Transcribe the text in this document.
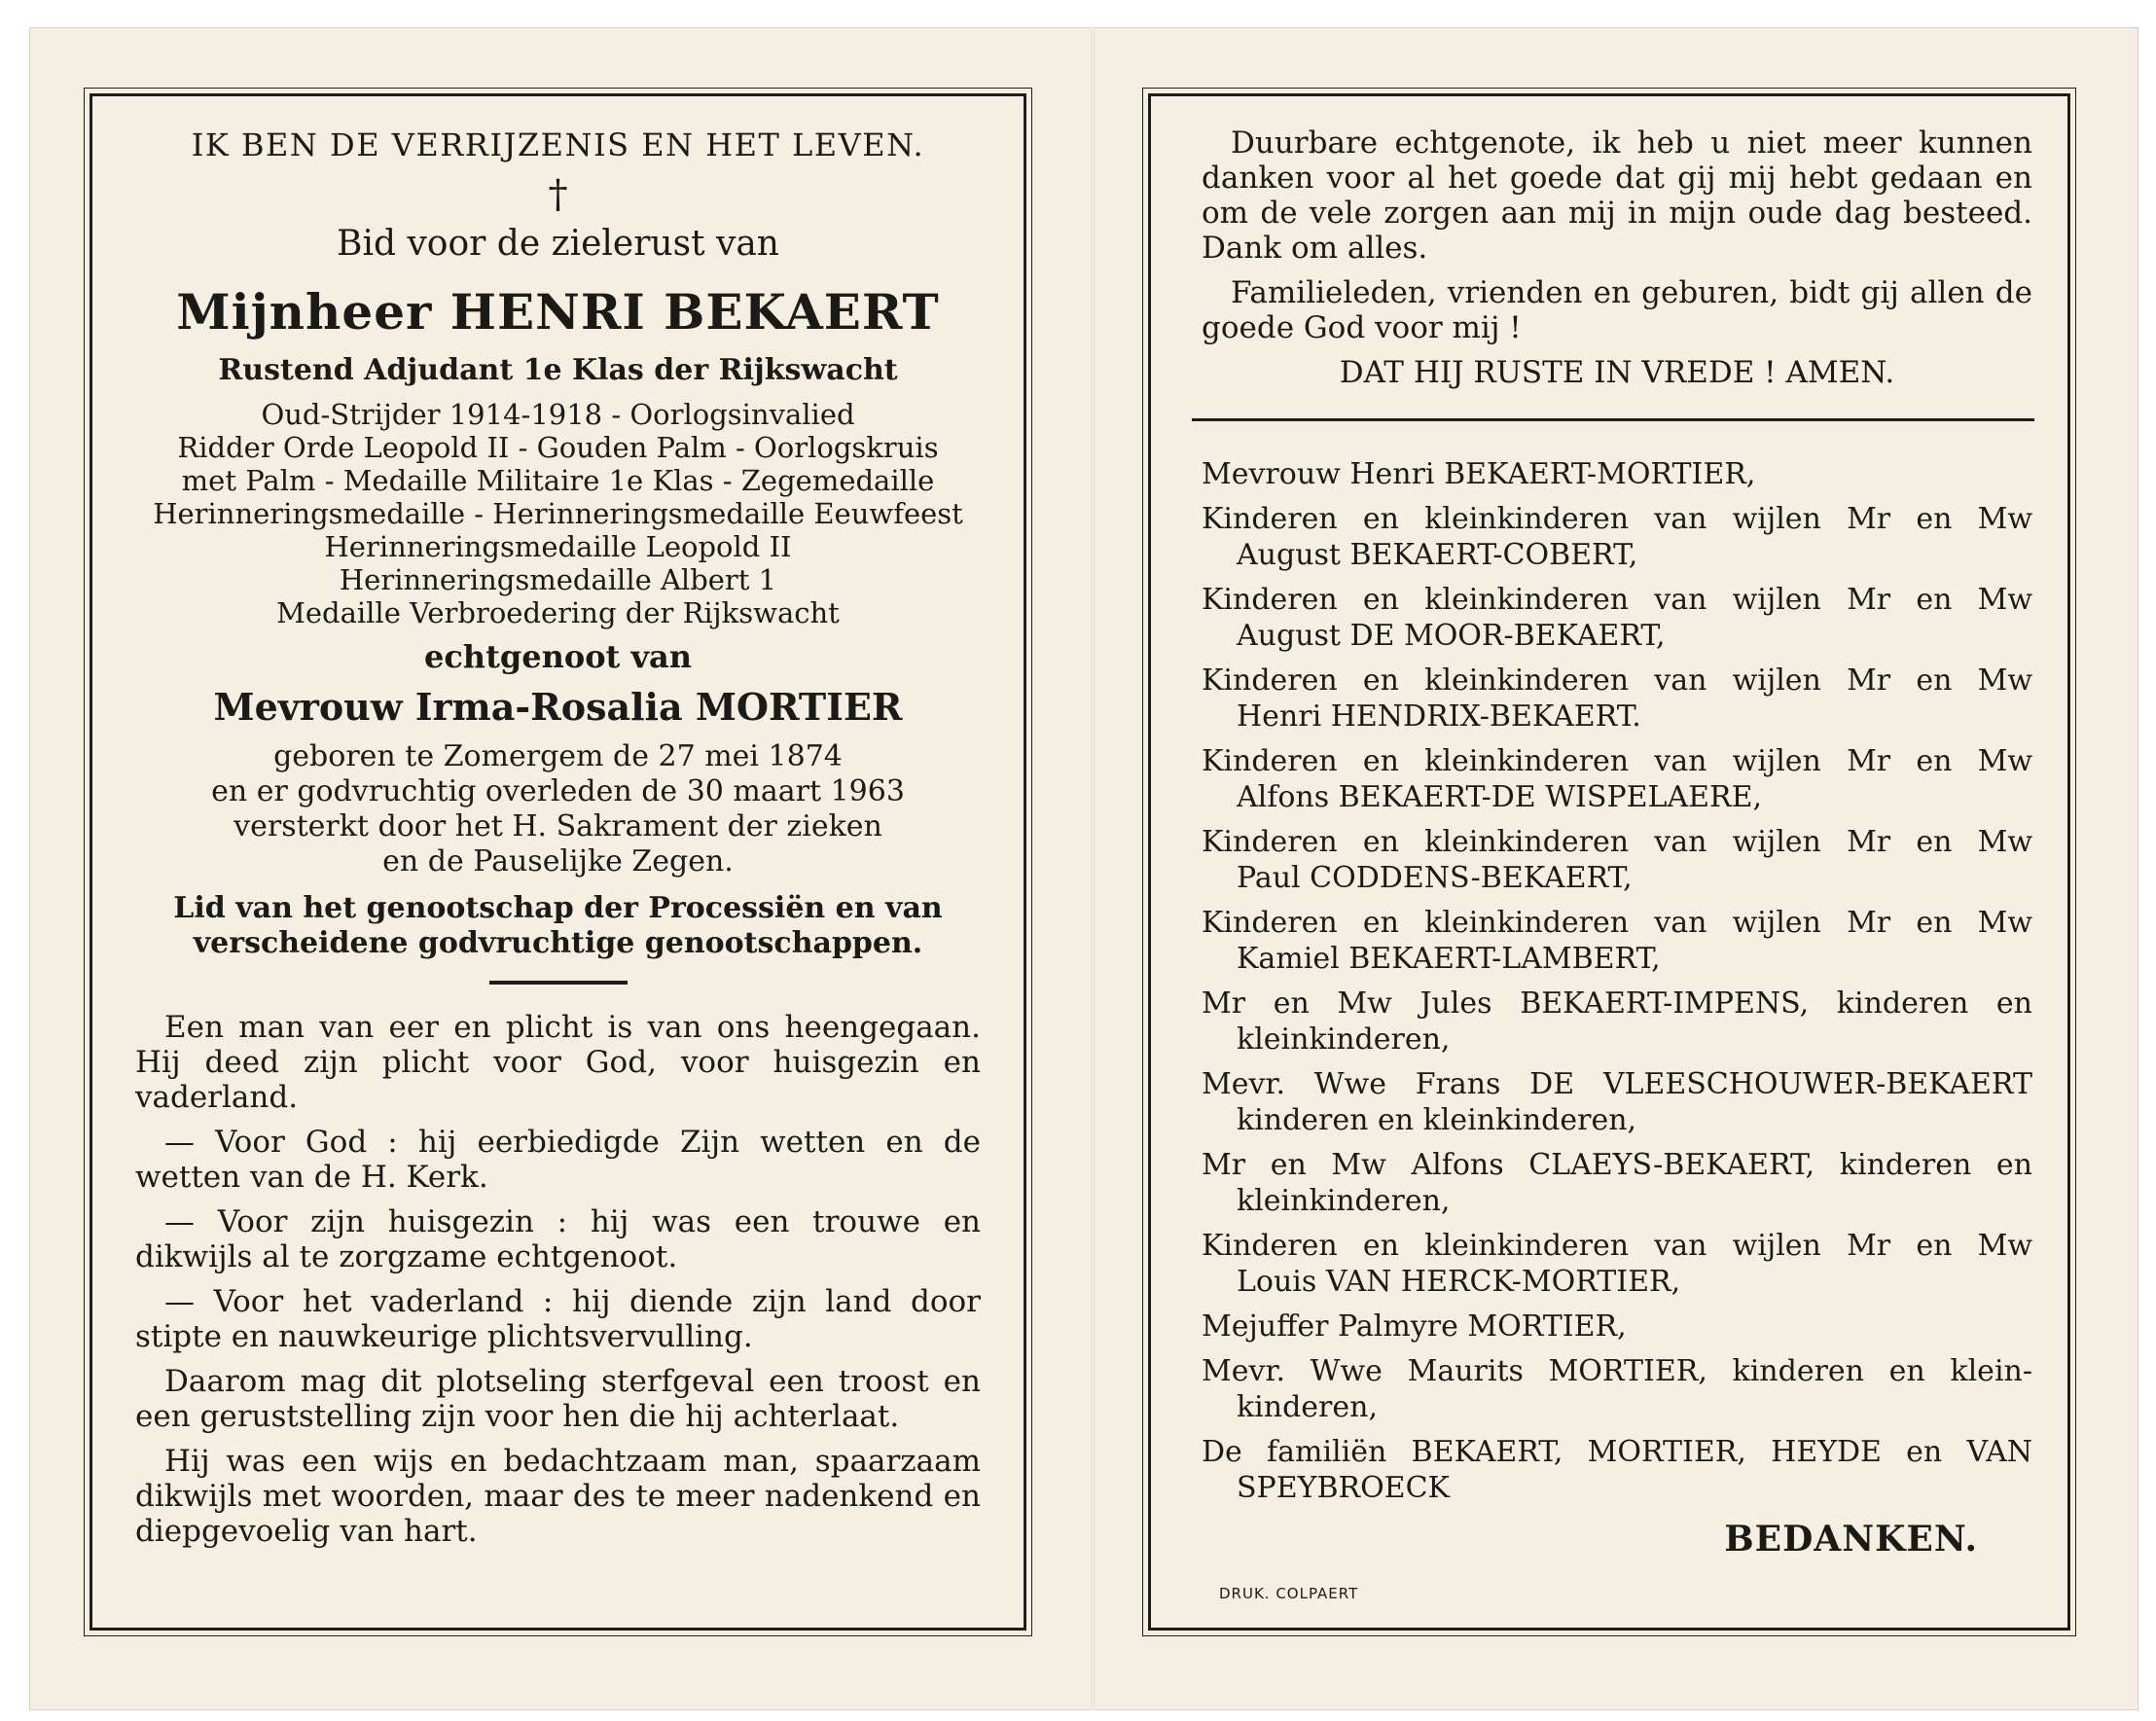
IK BEN DE VERRIJZENIS EN HET LEVEN.
†
Bid voor de zielerust van
Mijnheer HENRI BEKAERT
Rustend Adjudant 1e Klas der Rijkswacht
Oud-Strijder 1914-1918 - Oorlogsinvalied
Ridder Orde Leopold II - Gouden Palm - Oorlogskruis
met Palm - Medaille Militaire 1e Klas - Zegemedaille
Herinneringsmedaille - Herinneringsmedaille Eeuwfeest
Herinneringsmedaille Leopold II
Herinneringsmedaille Albert 1
Medaille Verbroedering der Rijkswacht
echtgenoot van
Mevrouw Irma-Rosalia MORTIER
geboren te Zomergem de 27 mei 1874
en er godvruchtig overleden de 30 maart 1963
versterkt door het H. Sakrament der zieken
en de Pauselijke Zegen.
Lid van het genootschap der Processiën en van
verscheidene godvruchtige genootschappen.
Een man van eer en plicht is van ons heengegaan. Hij deed zijn plicht voor God, voor huisgezin en vaderland.
— Voor God : hij eerbiedigde Zijn wetten en de wetten van de H. Kerk.
— Voor zijn huisgezin : hij was een trouwe en dikwijls al te zorgzame echtgenoot.
— Voor het vaderland : hij diende zijn land door stipte en nauwkeurige plichtsvervulling.
Daarom mag dit plotseling sterfgeval een troost en een geruststelling zijn voor hen die hij achterlaat.
Hij was een wijs en bedachtzaam man, spaarzaam dikwijls met woorden, maar des te meer nadenkend en diepgevoelig van hart.
Duurbare echtgenote, ik heb u niet meer kunnen danken voor al het goede dat gij mij hebt gedaan en om de vele zorgen aan mij in mijn oude dag besteed. Dank om alles.
Familieleden, vrienden en geburen, bidt gij allen de goede God voor mij !
DAT HIJ RUSTE IN VREDE ! AMEN.
Mevrouw Henri BEKAERT-MORTIER,
Kinderen en kleinkinderen van wijlen Mr en Mw
August BEKAERT-COBERT,
Kinderen en kleinkinderen van wijlen Mr en Mw
August DE MOOR-BEKAERT,
Kinderen en kleinkinderen van wijlen Mr en Mw
Henri HENDRIX-BEKAERT.
Kinderen en kleinkinderen van wijlen Mr en Mw
Alfons BEKAERT-DE WISPELAERE,
Kinderen en kleinkinderen van wijlen Mr en Mw
Paul CODDENS-BEKAERT,
Kinderen en kleinkinderen van wijlen Mr en Mw
Kamiel BEKAERT-LAMBERT,
Mr en Mw Jules BEKAERT-IMPENS, kinderen en
kleinkinderen,
Mevr. Wwe Frans DE VLEESCHOUWER-BEKAERT
kinderen en kleinkinderen,
Mr en Mw Alfons CLAEYS-BEKAERT, kinderen en
kleinkinderen,
Kinderen en kleinkinderen van wijlen Mr en Mw
Louis VAN HERCK-MORTIER,
Mejuffer Palmyre MORTIER,
Mevr. Wwe Maurits MORTIER, kinderen en klein-
kinderen,
De familiën BEKAERT, MORTIER, HEYDE en VAN
SPEYBROECK
BEDANKEN.
DRUK. COLPAERT
